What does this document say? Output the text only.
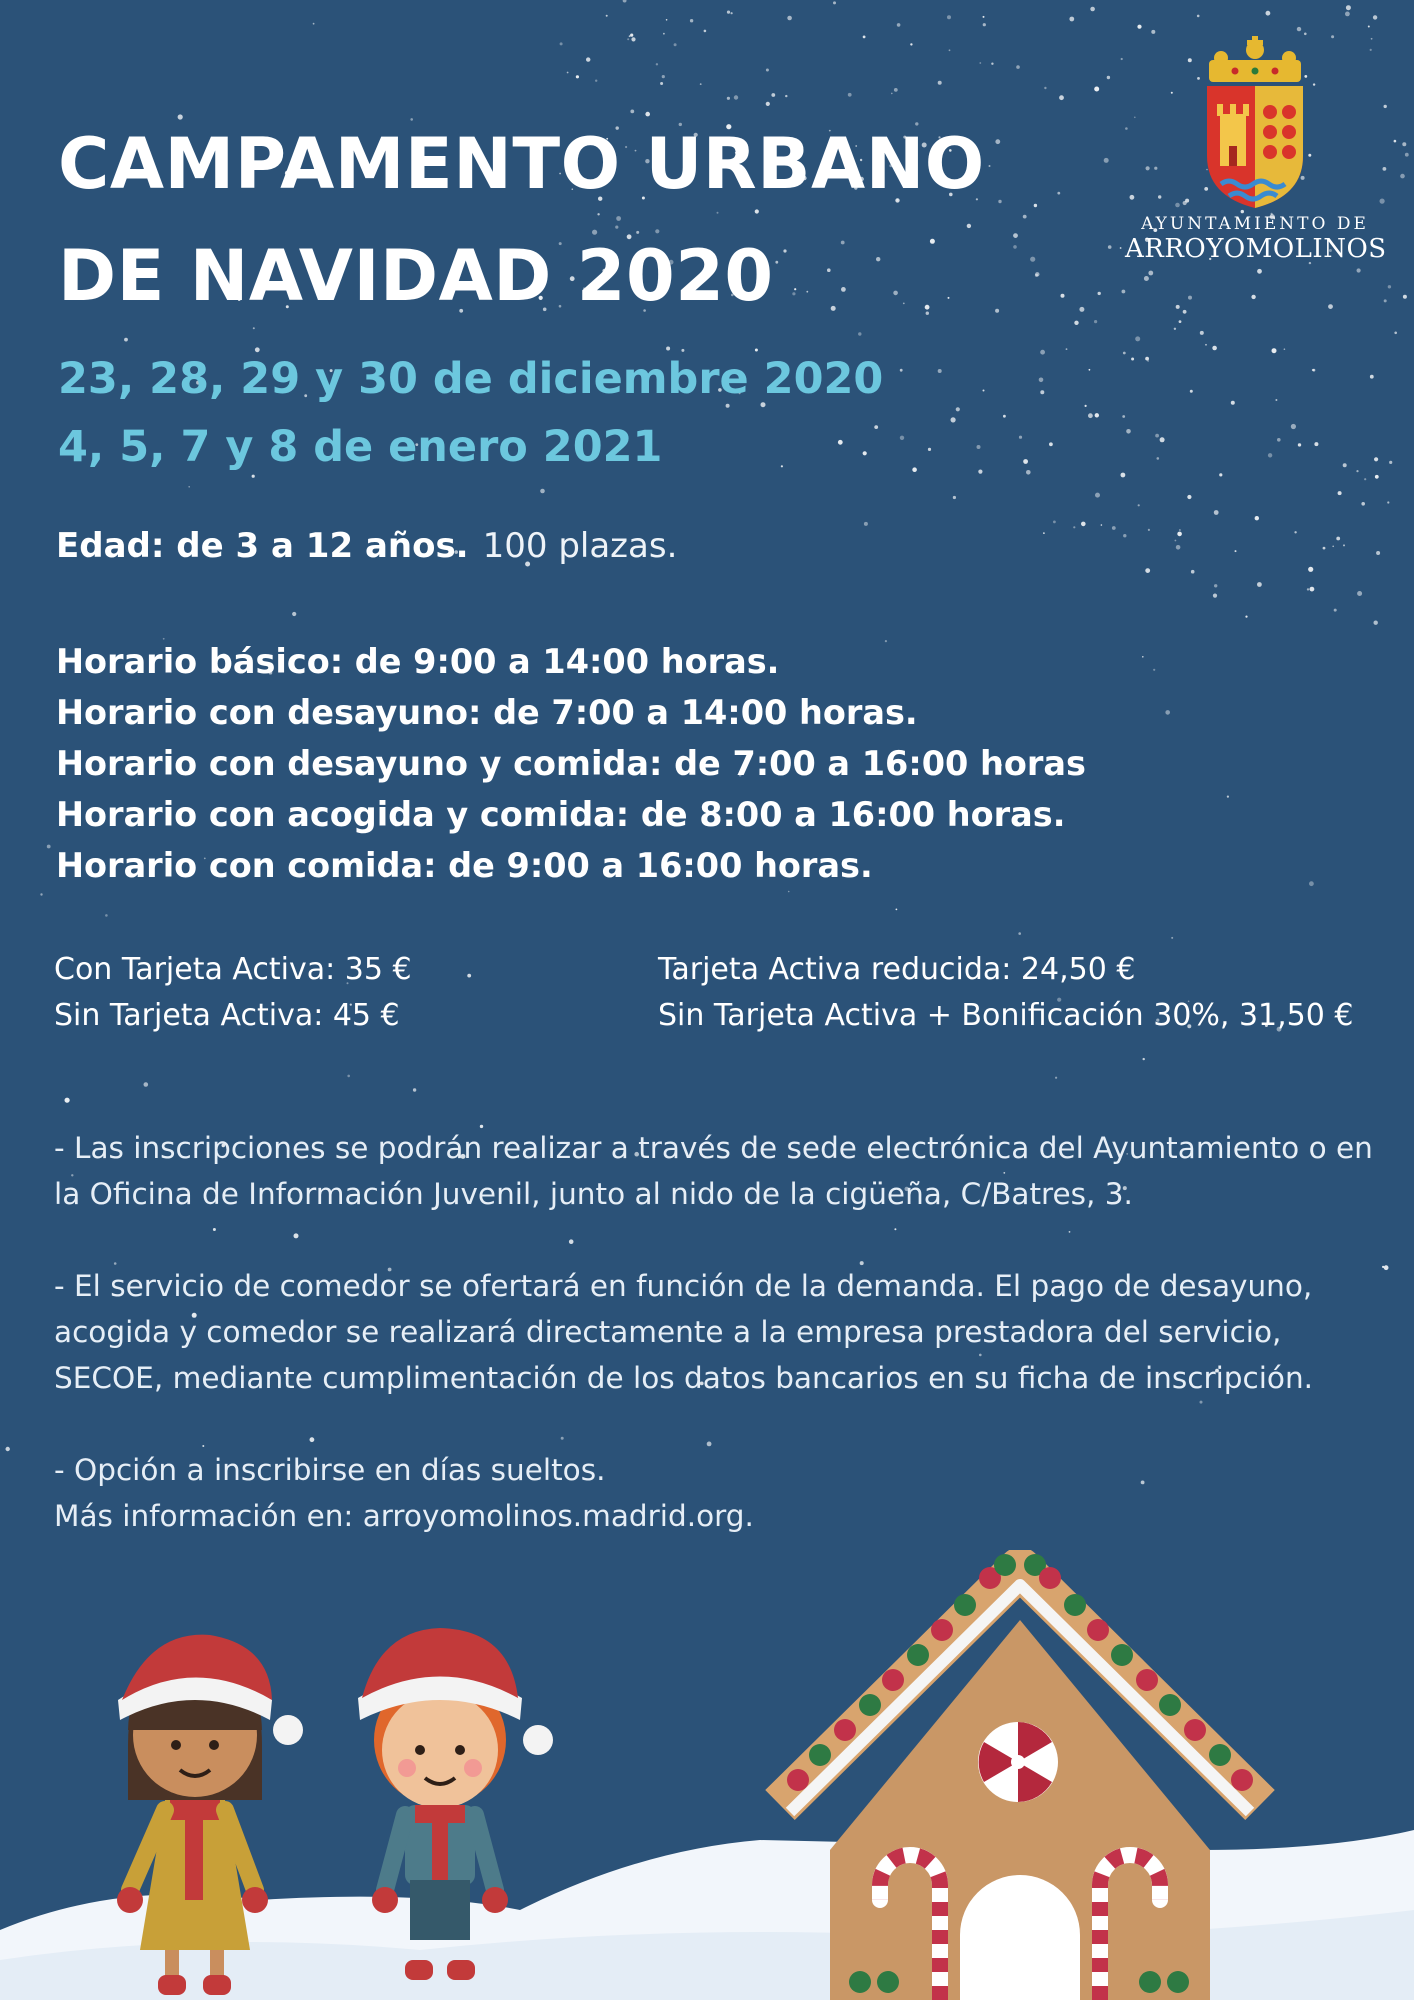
CAMPAMENTO URBANO
DE NAVIDAD 2020
AYUNTAMIENTO DE
ARROYOMOLINOS
23, 28, 29 y 30 de diciembre 2020
4, 5, 7 y 8 de enero 2021
Edad: de 3 a 12 años. 100 plazas.
Horario básico: de 9:00 a 14:00 horas.
Horario con desayuno: de 7:00 a 14:00 horas.
Horario con desayuno y comida: de 7:00 a 16:00 horas
Horario con acogida y comida: de 8:00 a 16:00 horas.
Horario con comida: de 9:00 a 16:00 horas.
Con Tarjeta Activa: 35 €
Sin Tarjeta Activa: 45 €
Tarjeta Activa reducida: 24,50 €
Sin Tarjeta Activa + Bonificación 30%, 31,50 €

- Las inscripciones se podrán realizar a través de sede electrónica del Ayuntamiento o en la Oficina de Información Juvenil, junto al nido de la cigüeña, C/Batres, 3.

- El servicio de comedor se ofertará en función de la demanda. El pago de desayuno, acogida y comedor se realizará directamente a la empresa prestadora del servicio, SECOE, mediante cumplimentación de los datos bancarios en su ficha de inscripción.

- Opción a inscribirse en días sueltos.
Más información en: arroyomolinos.madrid.org.
